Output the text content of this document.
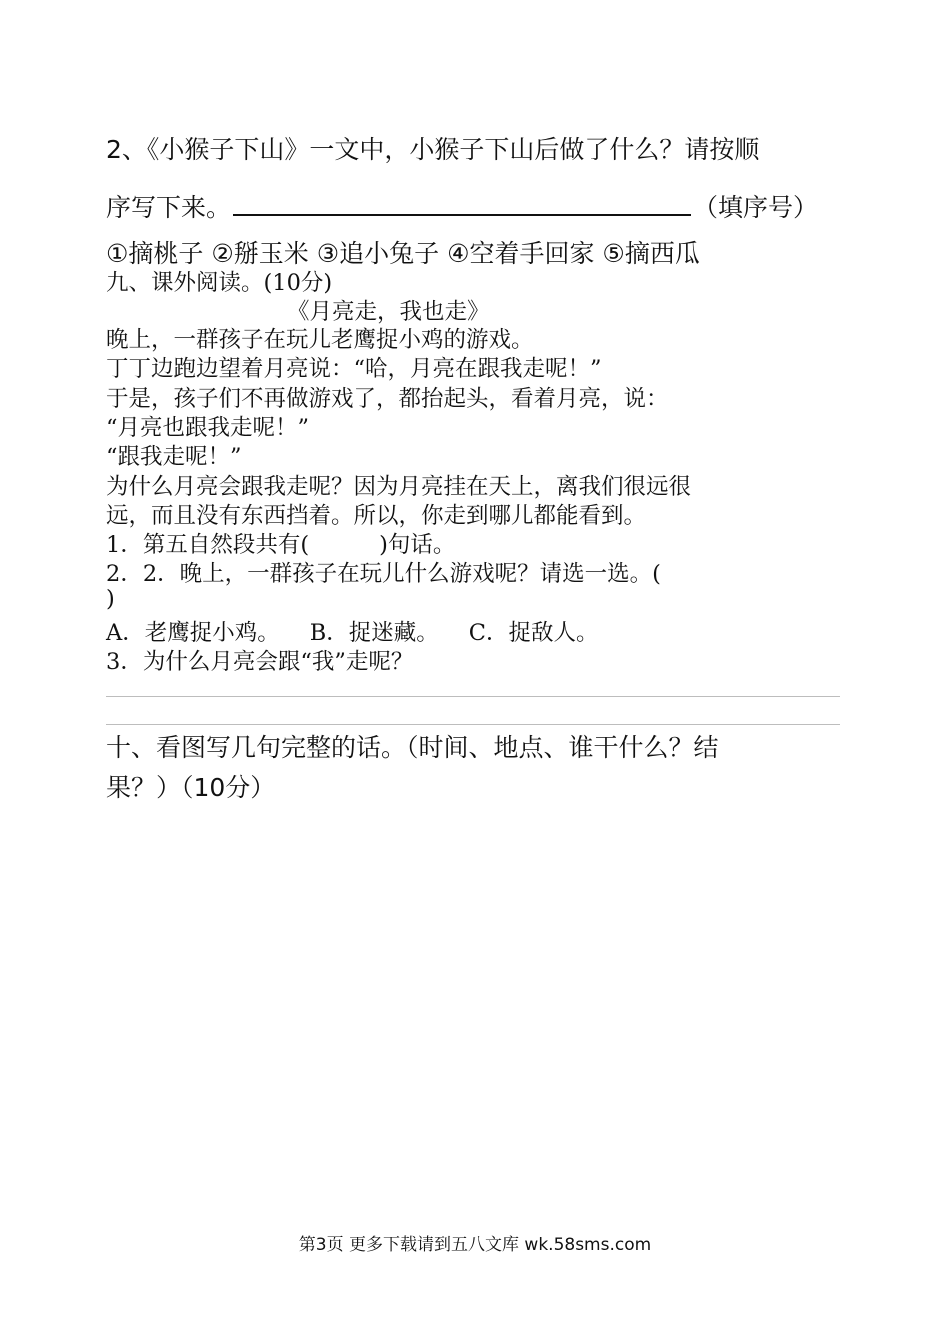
2、《小猴子下山》一文中，小猴子下山后做了什么？请按顺
序写下来。	（填序号）
①摘桃子 ②掰玉米 ③追小兔子 ④空着手回家 ⑤摘西瓜
九、课外阅读。(10分)
《月亮走，我也走》
晚上，一群孩子在玩儿老鹰捉小鸡的游戏。
丁丁边跑边望着月亮说：“哈，月亮在跟我走呢！”
于是，孩子们不再做游戏了，都抬起头，看着月亮，说：
“月亮也跟我走呢！”
“跟我走呢！”
为什么月亮会跟我走呢？因为月亮挂在天上，离我们很远很
远，而且没有东西挡着。所以，你走到哪儿都能看到。
1．第五自然段共有(	)句话。
2．2．晚上，一群孩子在玩儿什么游戏呢？请选一选。(
)
A．老鹰捉小鸡。 B．捉迷藏。 C．捉敌人。
3．为什么月亮会跟“我”走呢？
十、看图写几句完整的话。（时间、地点、谁干什么？结
果？）（10分）
第3页 更多下载请到五八文库 wk.58sms.com
